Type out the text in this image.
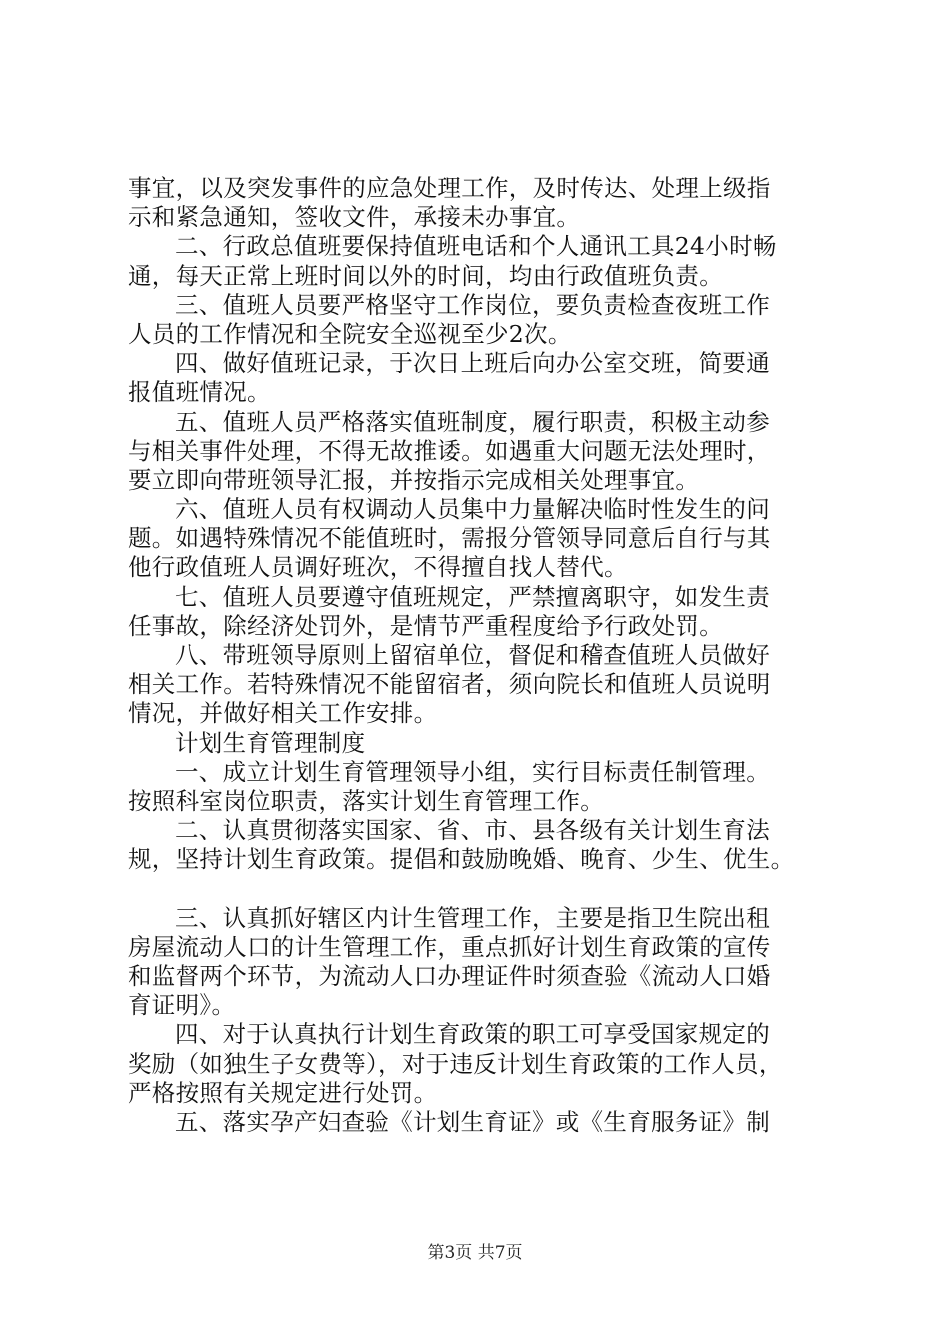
事宜，以及突发事件的应急处理工作，及时传达、处理上级指
示和紧急通知，签收文件，承接未办事宜。
二、行政总值班要保持值班电话和个人通讯工具24小时畅
通，每天正常上班时间以外的时间，均由行政值班负责。
三、值班人员要严格坚守工作岗位，要负责检查夜班工作
人员的工作情况和全院安全巡视至少2次。
四、做好值班记录，于次日上班后向办公室交班，简要通
报值班情况。
五、值班人员严格落实值班制度，履行职责，积极主动参
与相关事件处理，不得无故推诿。如遇重大问题无法处理时，
要立即向带班领导汇报，并按指示完成相关处理事宜。
六、值班人员有权调动人员集中力量解决临时性发生的问
题。如遇特殊情况不能值班时，需报分管领导同意后自行与其
他行政值班人员调好班次，不得擅自找人替代。
七、值班人员要遵守值班规定，严禁擅离职守，如发生责
任事故，除经济处罚外，是情节严重程度给予行政处罚。
八、带班领导原则上留宿单位，督促和稽查值班人员做好
相关工作。若特殊情况不能留宿者，须向院长和值班人员说明
情况，并做好相关工作安排。
计划生育管理制度
一、成立计划生育管理领导小组，实行目标责任制管理。
按照科室岗位职责，落实计划生育管理工作。
二、认真贯彻落实国家、省、市、县各级有关计划生育法
规，坚持计划生育政策。提倡和鼓励晚婚、晚育、少生、优生。
三、认真抓好辖区内计生管理工作，主要是指卫生院出租
房屋流动人口的计生管理工作，重点抓好计划生育政策的宣传
和监督两个环节，为流动人口办理证件时须查验《流动人口婚
育证明》。
四、对于认真执行计划生育政策的职工可享受国家规定的
奖励（如独生子女费等），对于违反计划生育政策的工作人员，
严格按照有关规定进行处罚。
五、落实孕产妇查验《计划生育证》或《生育服务证》制
第3页 共7页
